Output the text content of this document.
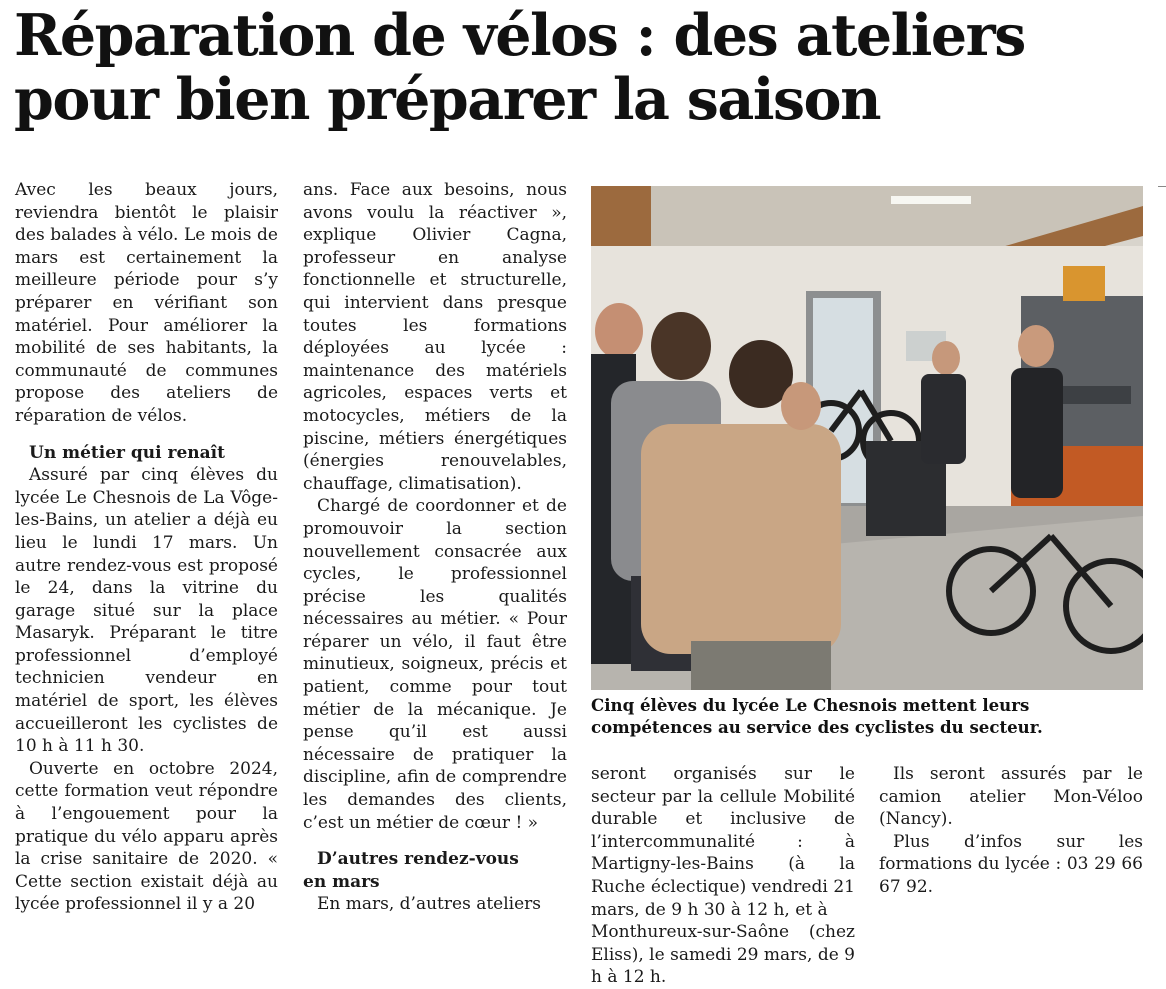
Réparation de vélos : des ateliers
pour bien préparer la saison

Avec les beaux jours, reviendra bientôt le plaisir des balades à vélo. Le mois de mars est certainement la meilleure période pour s’y préparer en vérifiant son matériel. Pour améliorer la mobilité de ses habitants, la communauté de communes propose des ateliers de réparation de vélos.

Un métier qui renaît

Assuré par cinq élèves du lycée Le Chesnois de La Vôge-les-Bains, un atelier a déjà eu lieu le lundi 17 mars. Un autre rendez-vous est proposé le 24, dans la vitrine du garage situé sur la place Masaryk. Préparant le titre professionnel d’employé technicien vendeur en matériel de sport, les élèves accueilleront les cyclistes de 10 h à 11 h 30.

Ouverte en octobre 2024, cette formation veut répondre à l’engouement pour la pratique du vélo apparu après la crise sanitaire de 2020. « Cette section existait déjà au lycée professionnel il y a 20

ans. Face aux besoins, nous avons voulu la réactiver », explique Olivier Cagna, professeur en analyse fonctionnelle et structurelle, qui intervient dans presque toutes les formations déployées au lycée : maintenance des matériels agricoles, espaces verts et motocycles, métiers de la piscine, métiers énergétiques (énergies renouvelables, chauffage, climatisation).

Chargé de coordonner et de promouvoir la section nouvellement consacrée aux cycles, le professionnel précise les qualités nécessaires au métier. « Pour réparer un vélo, il faut être minutieux, soigneux, précis et patient, comme pour tout métier de la mécanique. Je pense qu’il est aussi nécessaire de pratiquer la discipline, afin de comprendre les demandes des clients, c’est un métier de cœur ! »

D’autres rendez-vous
en mars

En mars, d’autres ateliers

Cinq élèves du lycée Le Chesnois mettent leurs
compétences au service des cyclistes du secteur.

seront organisés sur le secteur par la cellule Mobilité durable et inclusive de l’intercommunalité : à Martigny-les-Bains (à la Ruche éclectique) vendredi 21 mars, de 9 h 30 à 12 h, et à

Monthureux-sur-Saône (chez Eliss), le samedi 29 mars, de 9 h à 12 h.

Ils seront assurés par le camion atelier Mon-Véloo (Nancy).

Plus d’infos sur les formations du lycée : 03 29 66 67 92.
